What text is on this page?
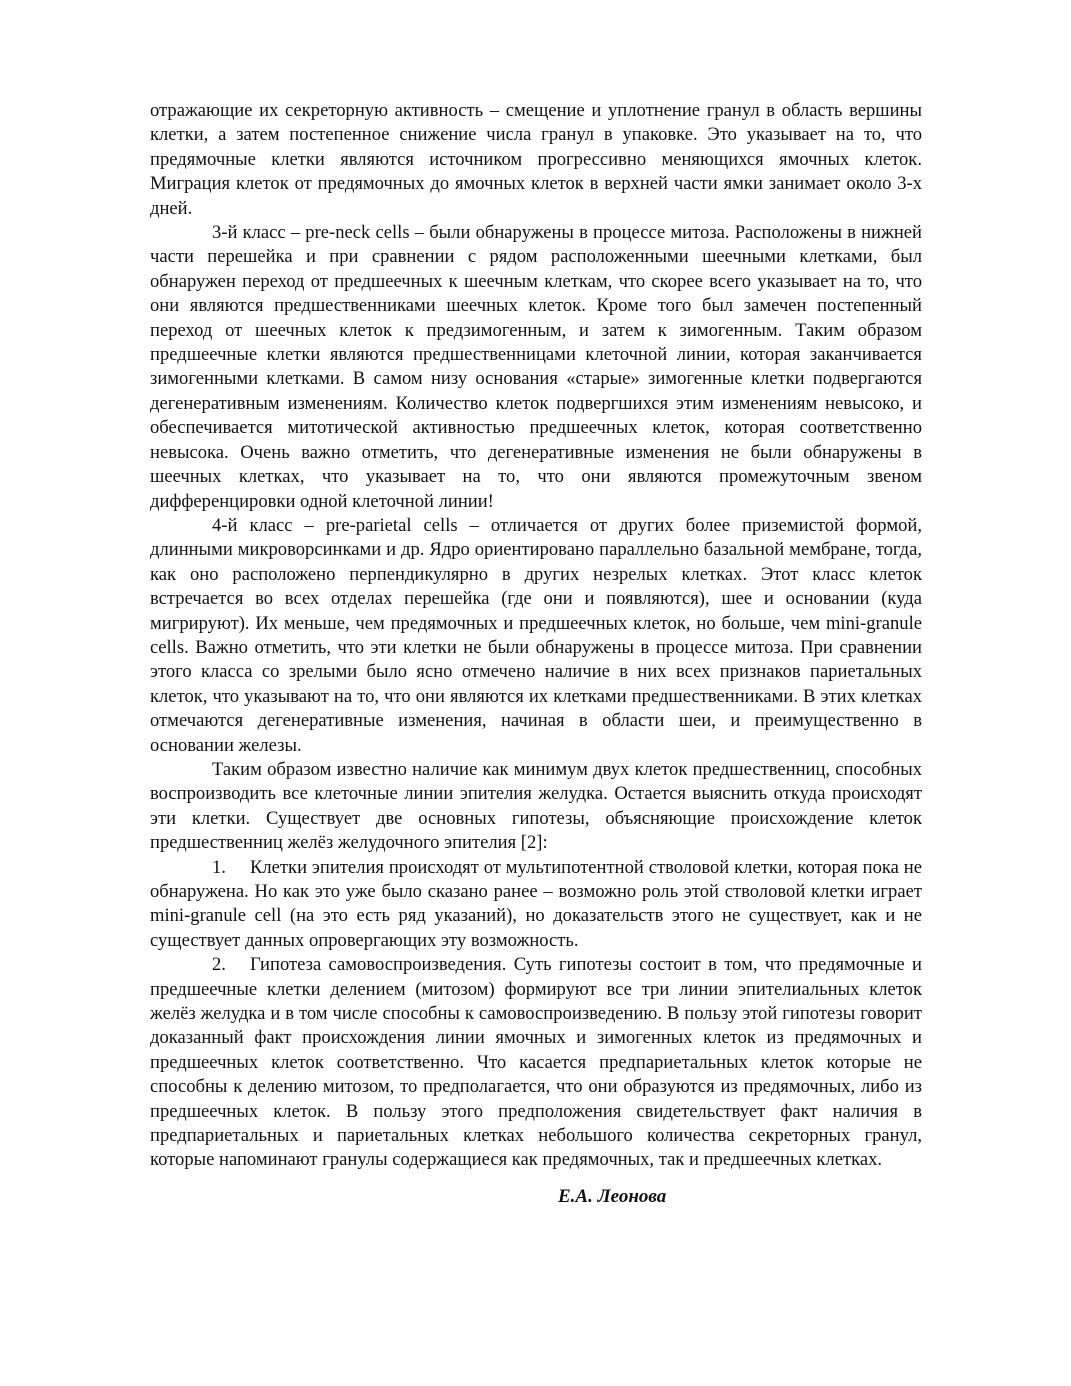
отражающие их секреторную активность – смещение и уплотнение гранул в область вершины клетки, а затем постепенное снижение числа гранул в упаковке. Это указывает на то, что предямочные клетки являются источником прогрессивно меняющихся ямочных клеток. Миграция клеток от предямочных до ямочных клеток в верхней части ямки занимает около 3-х дней.

3-й класс – pre-neck cells – были обнаружены в процессе митоза. Расположены в нижней части перешейка и при сравнении с рядом расположенными шеечными клетками, был обнаружен переход от предшеечных к шеечным клеткам, что скорее всего указывает на то, что они являются предшественниками шеечных клеток. Кроме того был замечен постепенный переход от шеечных клеток к предзимогенным, и затем к зимогенным. Таким образом предшеечные клетки являются предшественницами клеточной линии, которая заканчивается зимогенными клетками. В самом низу основания «старые» зимогенные клетки подвергаются дегенеративным изменениям. Количество клеток подвергшихся этим изменениям невысоко, и обеспечивается митотической активностью предшеечных клеток, которая соответственно невысока. Очень важно отметить, что дегенеративные изменения не были обнаружены в шеечных клетках, что указывает на то, что они являются промежуточным звеном дифференцировки одной клеточной линии!

4-й класс – pre-parietal cells – отличается от других более приземистой формой, длинными микроворсинками и др. Ядро ориентировано параллельно базальной мембране, тогда, как оно расположено перпендикулярно в других незрелых клетках. Этот класс клеток встречается во всех отделах перешейка (где они и появляются), шее и основании (куда мигрируют). Их меньше, чем предямочных и предшеечных клеток, но больше, чем mini-granule cells. Важно отметить, что эти клетки не были обнаружены в процессе митоза. При сравнении этого класса со зрелыми было ясно отмечено наличие в них всех признаков париетальных клеток, что указывают на то, что они являются их клетками предшественниками. В этих клетках отмечаются дегенеративные изменения, начиная в области шеи, и преимущественно в основании железы.

Таким образом известно наличие как минимум двух клеток предшественниц, способных воспроизводить все клеточные линии эпителия желудка. Остается выяснить откуда происходят эти клетки. Существует две основных гипотезы, объясняющие происхождение клеток предшественниц желёз желудочного эпителия [2]:

1. Клетки эпителия происходят от мультипотентной стволовой клетки, которая пока не обнаружена. Но как это уже было сказано ранее – возможно роль этой стволовой клетки играет mini-granule cell (на это есть ряд указаний), но доказательств этого не существует, как и не существует данных опровергающих эту возможность.

2. Гипотеза самовоспроизведения. Суть гипотезы состоит в том, что предямочные и предшеечные клетки делением (митозом) формируют все три линии эпителиальных клеток желёз желудка и в том числе способны к самовоспроизведению. В пользу этой гипотезы говорит доказанный факт происхождения линии ямочных и зимогенных клеток из предямочных и предшеечных клеток соответственно. Что касается предпариетальных клеток которые не способны к делению митозом, то предполагается, что они образуются из предямочных, либо из предшеечных клеток. В пользу этого предположения свидетельствует факт наличия в предпариетальных и париетальных клетках небольшого количества секреторных гранул, которые напоминают гранулы содержащиеся как предямочных, так и предшеечных клетках.

Е.А. Леонова
